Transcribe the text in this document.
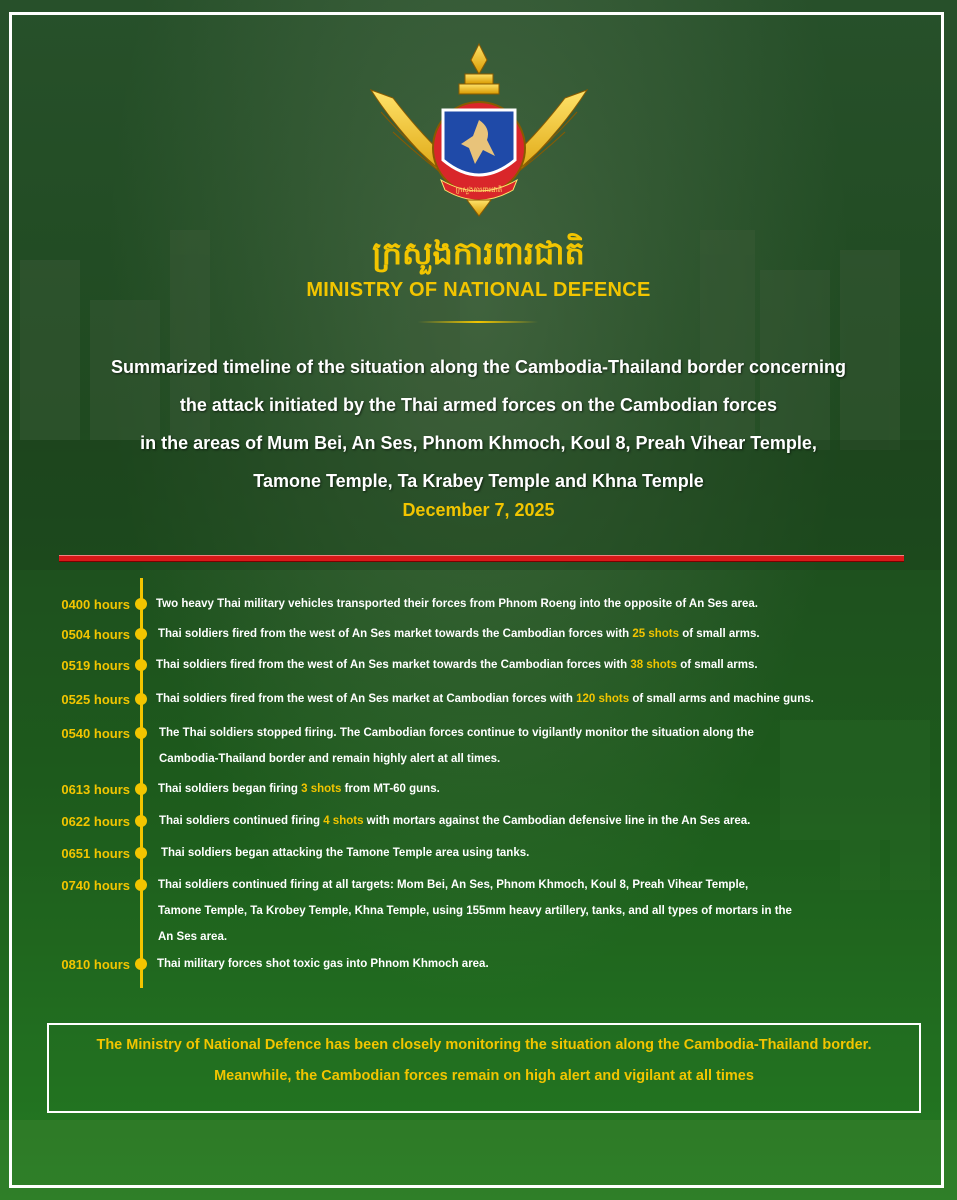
ក្រសួងការពារជាតិ
ក្រសួងការពារជាតិ
MINISTRY OF NATIONAL DEFENCE
Summarized timeline of the situation along the Cambodia-Thailand border concerning
the attack initiated by the Thai armed forces on the Cambodian forces
in the areas of Mum Bei, An Ses, Phnom Khmoch, Koul 8, Preah Vihear Temple,
Tamone Temple, Ta Krabey Temple and Khna Temple
December 7, 2025
0400 hours Two heavy Thai military vehicles transported their forces from Phnom Roeng into the opposite of An Ses area.
0504 hours Thai soldiers fired from the west of An Ses market towards the Cambodian forces with 25 shots of small arms.
0519 hours Thai soldiers fired from the west of An Ses market towards the Cambodian forces with 38 shots of small arms.
0525 hours Thai soldiers fired from the west of An Ses market at Cambodian forces with 120 shots of small arms and machine guns.
0540 hours	The Thai soldiers stopped firing. The Cambodian forces continue to vigilantly monitor the situation along the
Cambodia-Thailand border and remain highly alert at all times.
0613 hours Thai soldiers began firing 3 shots from MT-60 guns.
0622 hours	Thai soldiers continued firing 4 shots with mortars against the Cambodian defensive line in the An Ses area.
0651 hours	Thai soldiers began attacking the Tamone Temple area using tanks.
0740 hours Thai soldiers continued firing at all targets: Mom Bei, An Ses, Phnom Khmoch, Koul 8, Preah Vihear Temple,
Tamone Temple, Ta Krobey Temple, Khna Temple, using 155mm heavy artillery, tanks, and all types of mortars in the
An Ses area.
0810 hours Thai military forces shot toxic gas into Phnom Khmoch area.
The Ministry of National Defence has been closely monitoring the situation along the Cambodia-Thailand border.
Meanwhile, the Cambodian forces remain on high alert and vigilant at all times
